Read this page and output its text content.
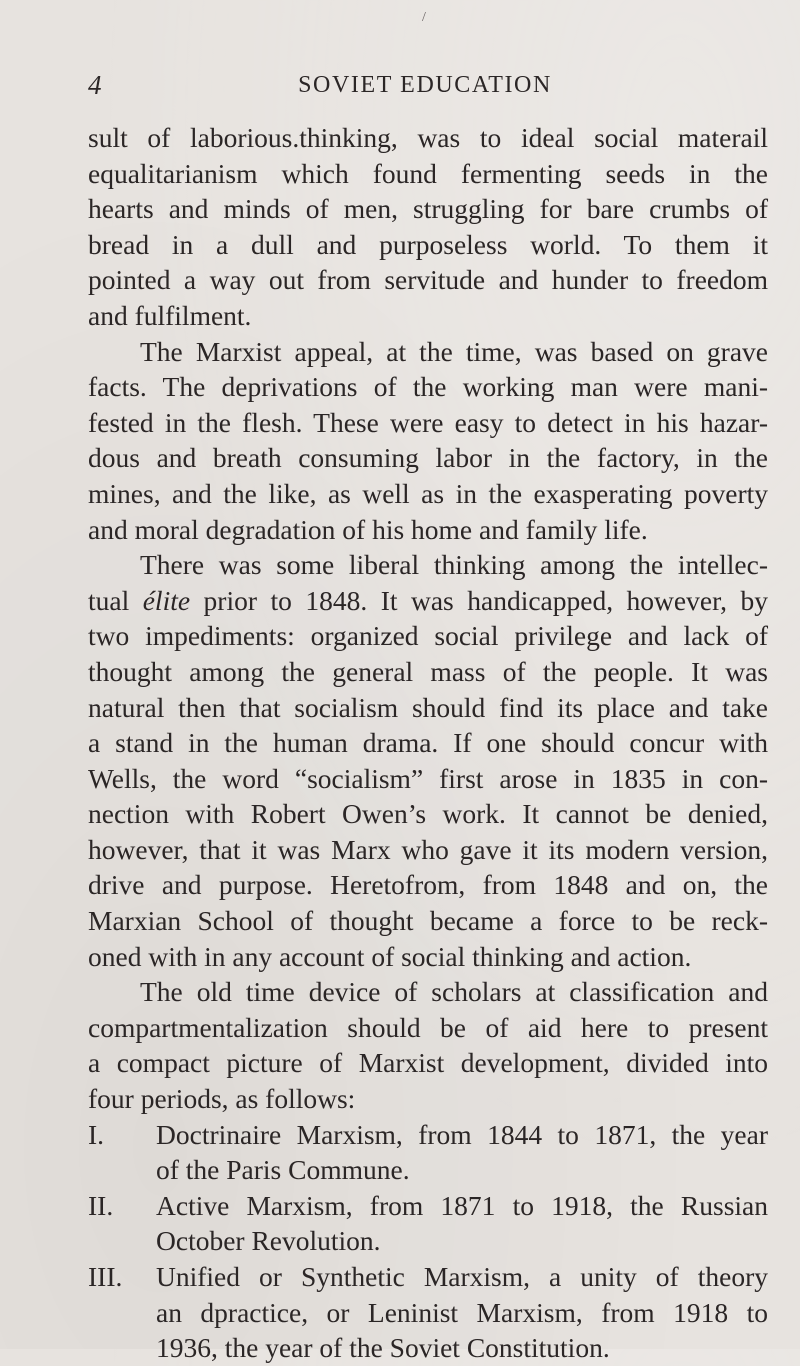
/
4	SOVIET EDUCATION
sult of laborious.thinking, was to ideal social materail
equalitarianism which found fermenting seeds in the
hearts and minds of men, struggling for bare crumbs of
bread in a dull and purposeless world. To them it
pointed a way out from servitude and hunder to freedom
and fulfilment.
The Marxist appeal, at the time, was based on grave
facts. The deprivations of the working man were mani-
fested in the flesh. These were easy to detect in his hazar-
dous and breath consuming labor in the factory, in the
mines, and the like, as well as in the exasperating poverty
and moral degradation of his home and family life.
There was some liberal thinking among the intellec-
tual élite prior to 1848. It was handicapped, however, by
two impediments: organized social privilege and lack of
thought among the general mass of the people. It was
natural then that socialism should find its place and take
a stand in the human drama. If one should concur with
Wells, the word “socialism” first arose in 1835 in con-
nection with Robert Owen’s work. It cannot be denied,
however, that it was Marx who gave it its modern version,
drive and purpose. Heretofrom, from 1848 and on, the
Marxian School of thought became a force to be reck-
oned with in any account of social thinking and action.
The old time device of scholars at classification and
compartmentalization should be of aid here to present
a compact picture of Marxist development, divided into
four periods, as follows:
I.	Doctrinaire Marxism, from 1844 to 1871, the year
of the Paris Commune.
II.	Active Marxism, from 1871 to 1918, the Russian
October Revolution.
III.	Unified or Synthetic Marxism, a unity of theory
an dpractice, or Leninist Marxism, from 1918 to
1936, the year of the Soviet Constitution.
